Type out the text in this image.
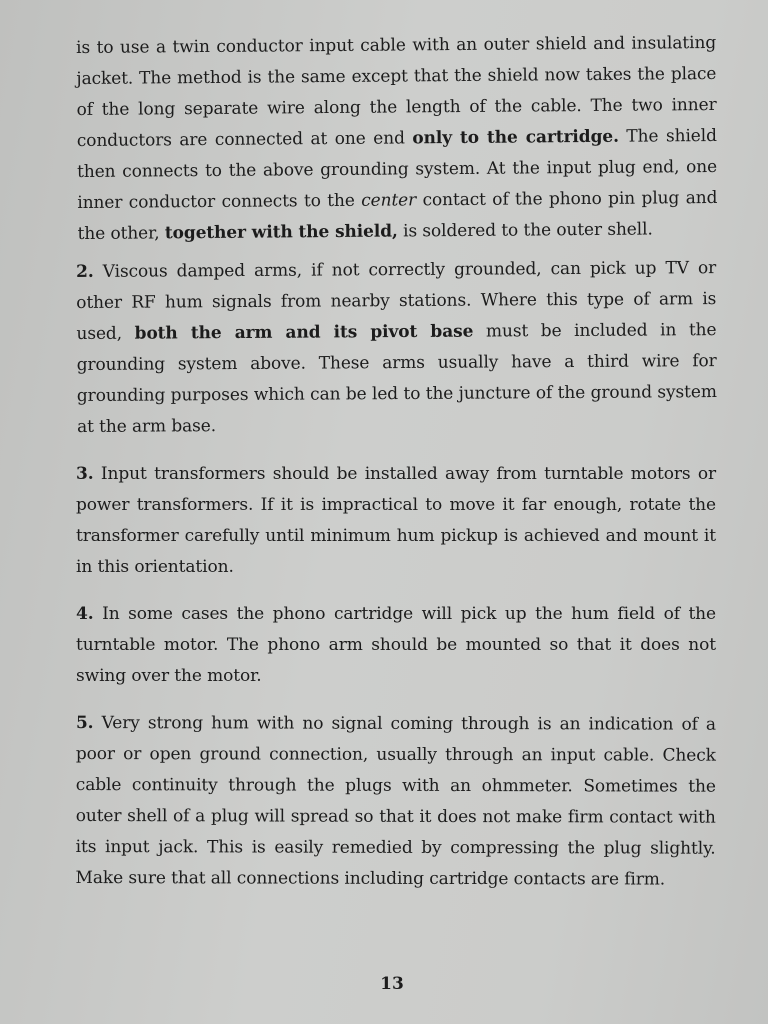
is to use a twin conductor input cable with an outer shield and insulating jacket. The method is the same except that the shield now takes the place of the long separate wire along the length of the cable. The two inner conductors are connected at one end only to the cartridge. The shield then connects to the above grounding system. At the input plug end, one inner conductor connects to the center contact of the phono pin plug and the other, together with the shield, is soldered to the outer shell.

2. Viscous damped arms, if not correctly grounded, can pick up TV or other RF hum signals from nearby stations. Where this type of arm is used, both the arm and its pivot base must be included in the grounding system above. These arms usually have a third wire for grounding purposes which can be led to the juncture of the ground system at the arm base.

3. Input transformers should be installed away from turntable motors or power transformers. If it is impractical to move it far enough, rotate the transformer carefully until minimum hum pickup is achieved and mount it in this orientation.

4. In some cases the phono cartridge will pick up the hum field of the turntable motor. The phono arm should be mounted so that it does not swing over the motor.

5. Very strong hum with no signal coming through is an indication of a poor or open ground connection, usually through an input cable. Check cable continuity through the plugs with an ohmmeter. Sometimes the outer shell of a plug will spread so that it does not make firm contact with its input jack. This is easily remedied by compressing the plug slightly. Make sure that all connections including cartridge contacts are firm.

13
